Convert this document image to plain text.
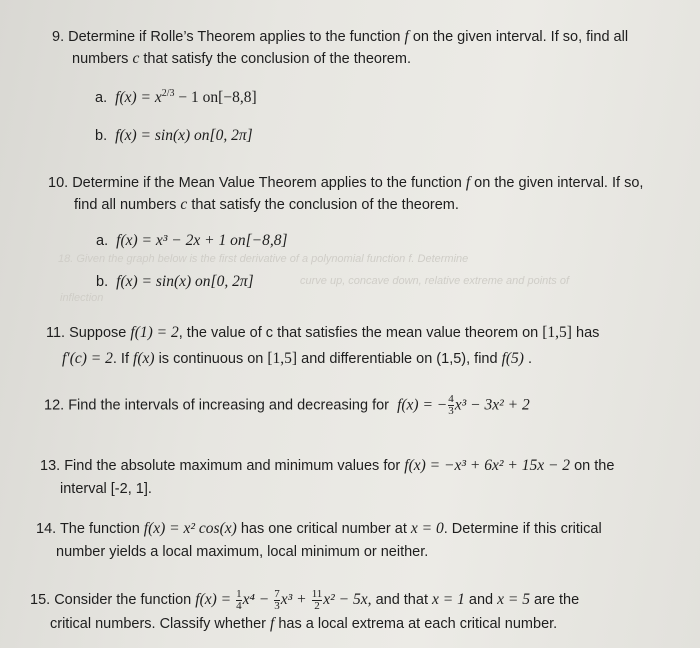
18. Given the graph below is the first derivative of a polynomial function f. Determine
curve up, concave down, relative extreme and points of
inflection
9. Determine if Rolle’s Theorem applies to the function f on the given interval. If so, find all
numbers c that satisfy the conclusion of the theorem.
a. $f(x) = x^{2/3} - 1$ on[−8,8]
b. f(x) = sin(x) on[0, 2π]
10. Determine if the Mean Value Theorem applies to the function f on the given interval. If so,
find all numbers c that satisfy the conclusion of the theorem.
a. f(x) = x³ − 2x + 1 on[−8,8]
b. f(x) = sin(x) on[0, 2π]
11. Suppose f(1) = 2, the value of c that satisfies the mean value theorem on [1,5] has
f′(c) = 2. If f(x) is continuous on [1,5] and differentiable on (1,5), find f(5) .
12. Find the intervals of increasing and decreasing for f(x) = − $\frac{4}{3} x^3 - 3x^2 + 2$
13. Find the absolute maximum and minimum values for f(x) = −x³ + 6x² + 15x − 2 on the
interval [-2, 1].
14. The function f(x) = x² cos(x) has one critical number at x = 0. Determine if this critical
number yields a local maximum, local minimum or neither.
15. Consider the function $f(x) = \frac{1}{4} x^4 - \frac{7}{3} x^3 + \frac{11}{2} x^2 - 5x$, and that x = 1 and x = 5 are the
critical numbers. Classify whether f has a local extrema at each critical number.
